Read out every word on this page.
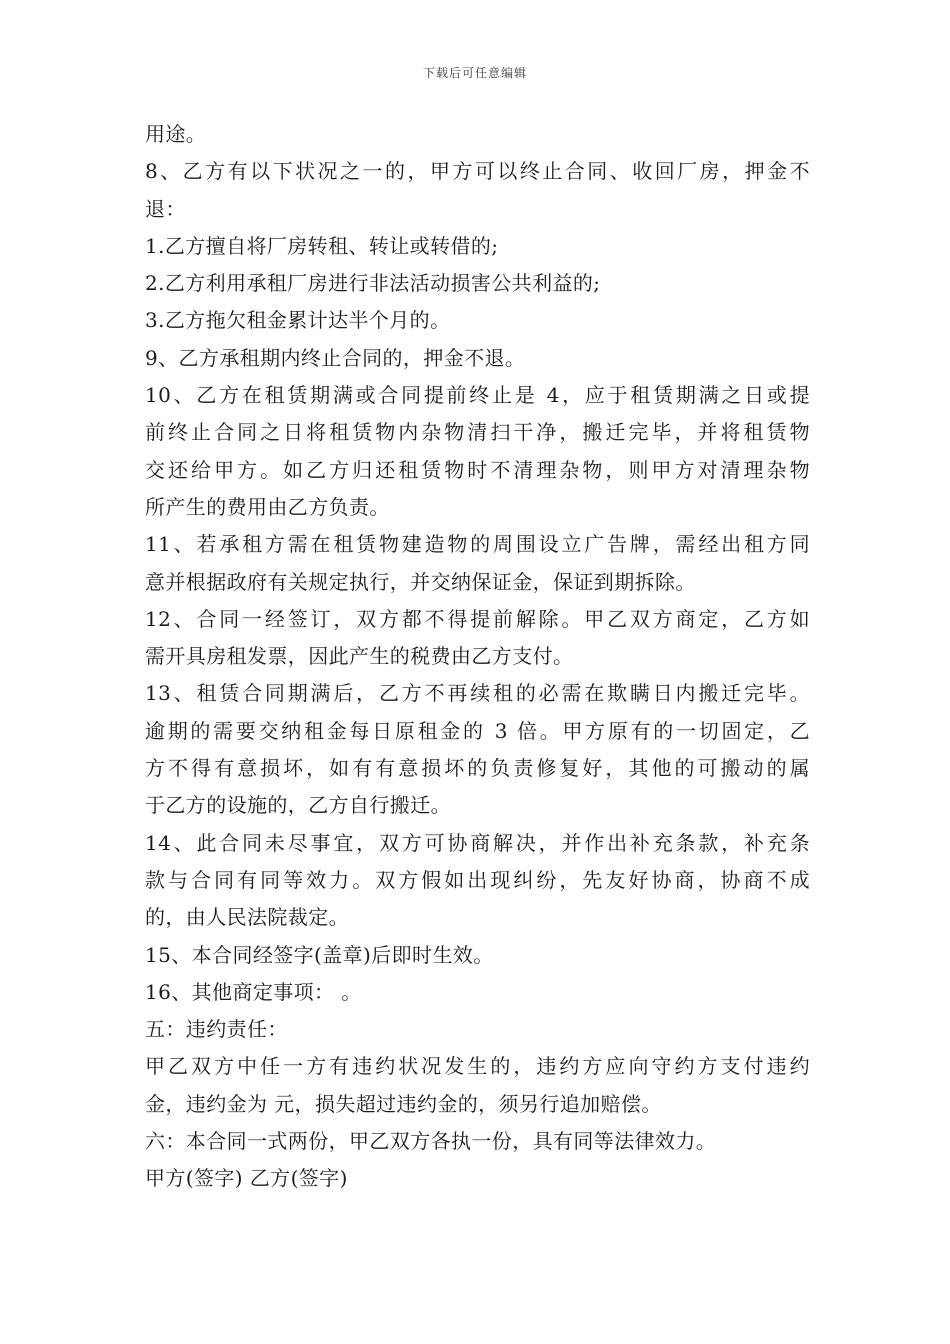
下载后可任意编辑
用途。
8、乙方有以下状况之一的，甲方可以终止合同、收回厂房，押金不
退：
1.乙方擅自将厂房转租、转让或转借的;
2.乙方利用承租厂房进行非法活动损害公共利益的;
3.乙方拖欠租金累计达半个月的。
9、乙方承租期内终止合同的，押金不退。
10、乙方在租赁期满或合同提前终止是 4，应于租赁期满之日或提
前终止合同之日将租赁物内杂物清扫干净，搬迁完毕，并将租赁物
交还给甲方。如乙方归还租赁物时不清理杂物，则甲方对清理杂物
所产生的费用由乙方负责。
11、若承租方需在租赁物建造物的周围设立广告牌，需经出租方同
意并根据政府有关规定执行，并交纳保证金，保证到期拆除。
12、合同一经签订，双方都不得提前解除。甲乙双方商定，乙方如
需开具房租发票，因此产生的税费由乙方支付。
13、租赁合同期满后，乙方不再续租的必需在欺瞒日内搬迁完毕。
逾期的需要交纳租金每日原租金的 3 倍。甲方原有的一切固定，乙
方不得有意损坏，如有有意损坏的负责修复好，其他的可搬动的属
于乙方的设施的，乙方自行搬迁。
14、此合同未尽事宜，双方可协商解决，并作出补充条款，补充条
款与合同有同等效力。双方假如出现纠纷，先友好协商，协商不成
的，由人民法院裁定。
15、本合同经签字(盖章)后即时生效。
16、其他商定事项： 。
五：违约责任：
甲乙双方中任一方有违约状况发生的，违约方应向守约方支付违约
金，违约金为 元，损失超过违约金的，须另行追加赔偿。
六：本合同一式两份，甲乙双方各执一份，具有同等法律效力。
甲方(签字) 乙方(签字)
